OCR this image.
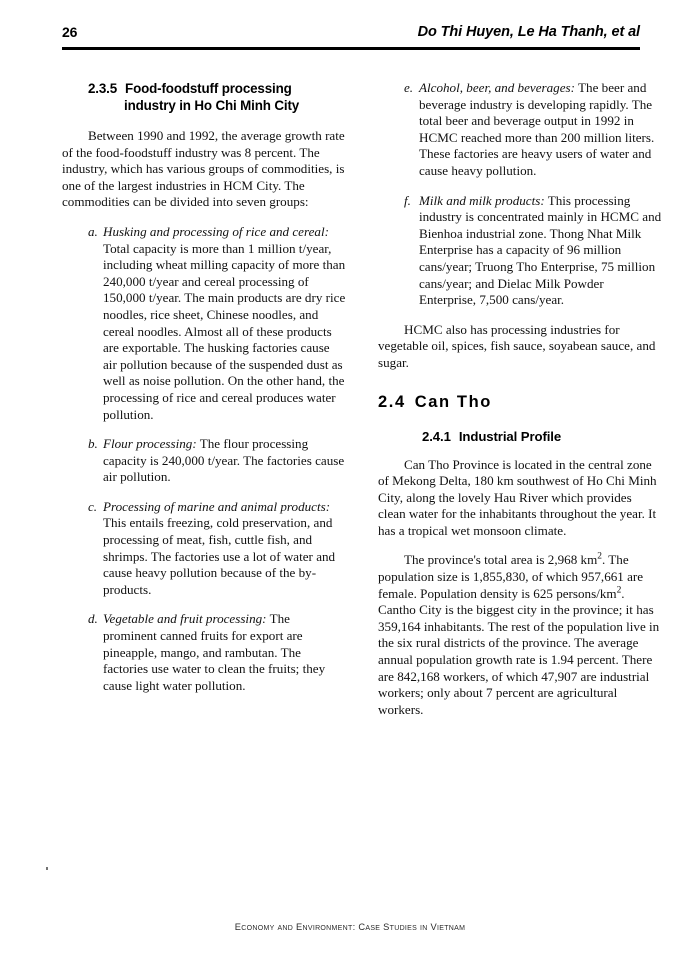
26	Do Thi Huyen, Le Ha Thanh, et al
2.3.5 Food-foodstuff processing industry in Ho Chi Minh City

Between 1990 and 1992, the average growth rate of the food-foodstuff industry was 8 percent. The industry, which has various groups of commodities, is one of the largest industries in HCM City. The commodities can be divided into seven groups:

a. Husking and processing of rice and cereal: Total capacity is more than 1 million t/year, including wheat milling capacity of more than 240,000 t/year and cereal processing of 150,000 t/year. The main products are dry rice noodles, rice sheet, Chinese noodles, and cereal noodles. Almost all of these products are exportable. The husking factories cause air pollution because of the suspended dust as well as noise pollution. On the other hand, the processing of rice and cereal produces water pollution.
b. Flour processing: The flour processing capacity is 240,000 t/year. The factories cause air pollution.
c. Processing of marine and animal products: This entails freezing, cold preservation, and processing of meat, fish, cuttle fish, and shrimps. The factories use a lot of water and cause heavy pollution because of the by-products.
d. Vegetable and fruit processing: The prominent canned fruits for export are pineapple, mango, and rambutan. The factories use water to clean the fruits; they cause light water pollution.
e. Alcohol, beer, and beverages: The beer and beverage industry is developing rapidly. The total beer and beverage output in 1992 in HCMC reached more than 200 million liters. These factories are heavy users of water and cause heavy pollution.
f. Milk and milk products: This processing industry is concentrated mainly in HCMC and Bienhoa industrial zone. Thong Nhat Milk Enterprise has a capacity of 96 million cans/year; Truong Tho Enterprise, 75 million cans/year; and Dielac Milk Powder Enterprise, 7,500 cans/year.

HCMC also has processing industries for vegetable oil, spices, fish sauce, soyabean sauce, and sugar.

2.4 Can Tho
2.4.1 Industrial Profile

Can Tho Province is located in the central zone of Mekong Delta, 180 km southwest of Ho Chi Minh City, along the lovely Hau River which provides clean water for the inhabitants throughout the year. It has a tropical wet monsoon climate.

The province's total area is 2,968 $km^2$. The population size is 1,855,830, of which 957,661 are female. Population density is 625 persons/$km^2$. Cantho City is the biggest city in the province; it has 359,164 inhabitants. The rest of the population live in the six rural districts of the province. The average annual population growth rate is 1.94 percent. There are 842,168 workers, of which 47,907 are industrial workers; only about 7 percent are agricultural workers.

Economy and Environment: Case Studies in Vietnam
